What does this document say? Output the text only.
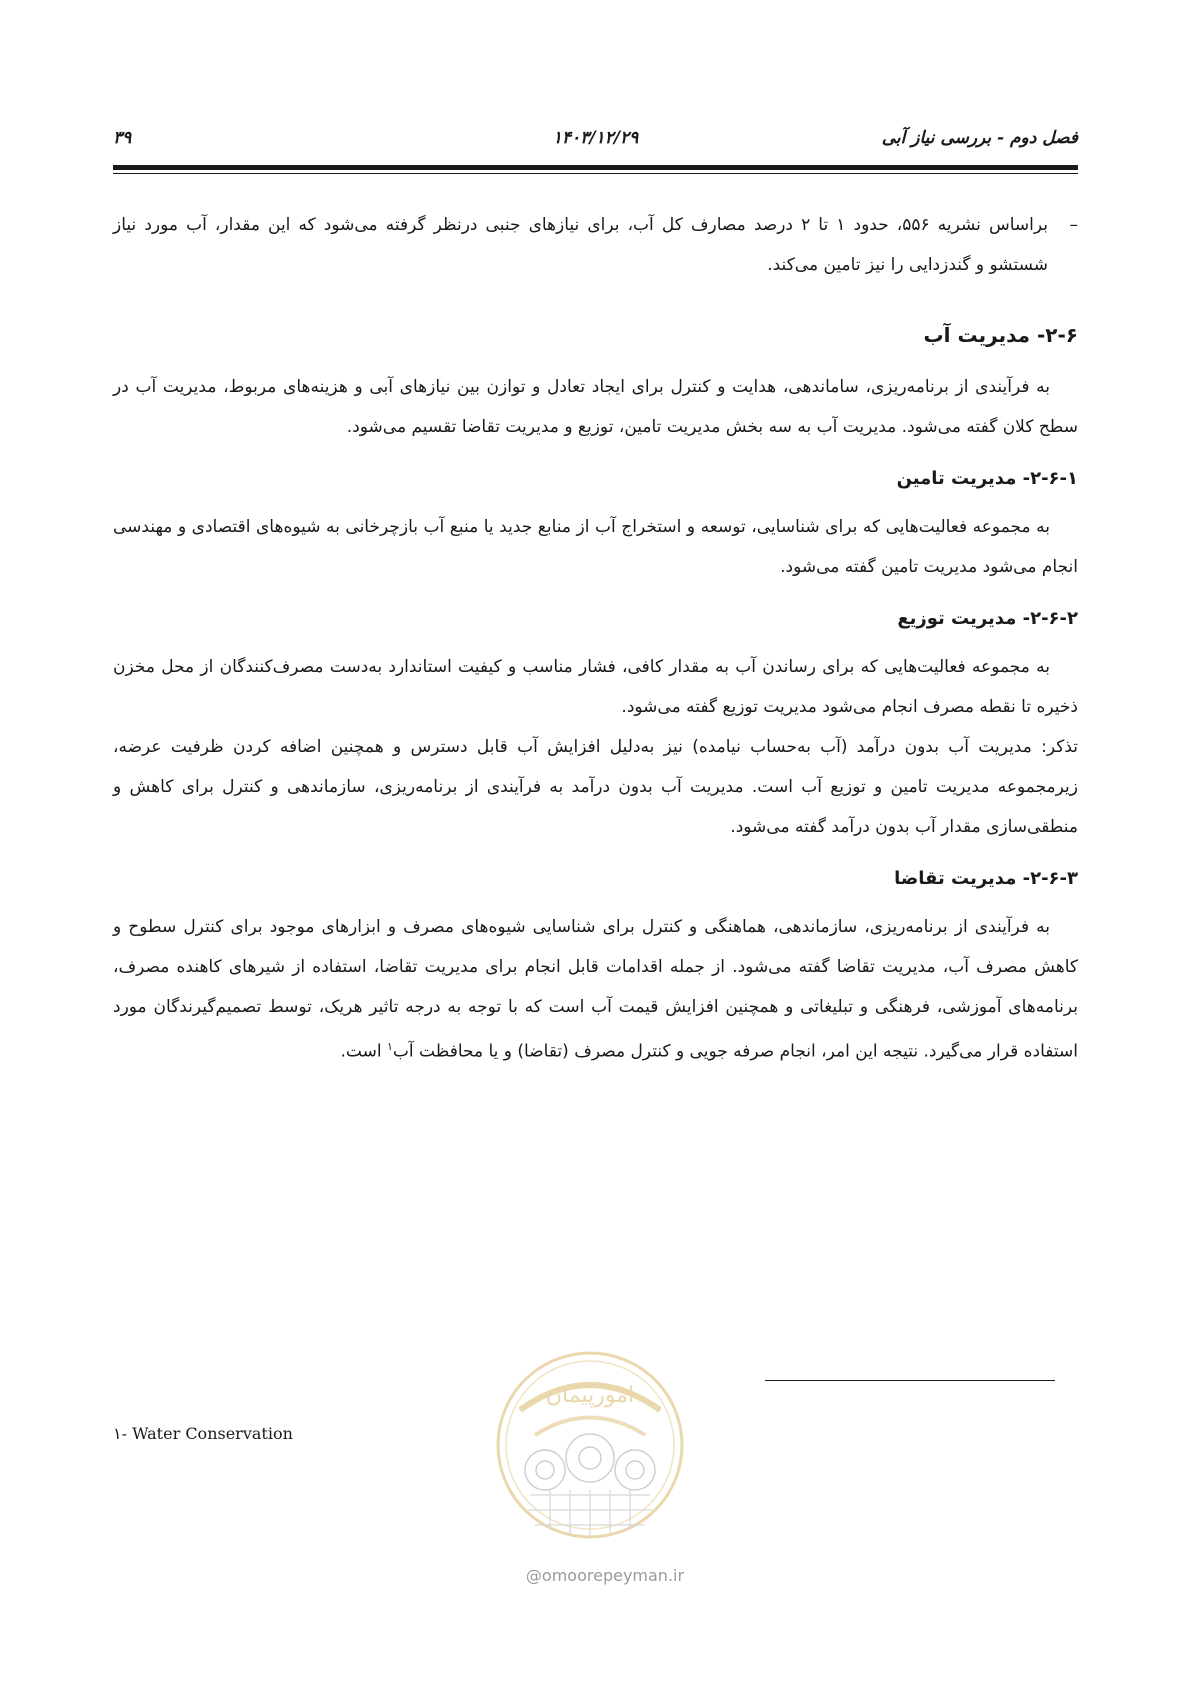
فصل دوم - بررسی نیاز آبی
۱۴۰۳/۱۲/۲۹
۳۹
–

براساس نشریه ۵۵۶، حدود ۱ تا ۲ درصد مصارف کل آب، برای نیازهای جنبی درنظر گرفته می‌شود که این مقدار، آب مورد نیاز شستشو و گندزدایی را نیز تامین می‌کند.

۲-۶- مدیریت آب

به فرآیندی از برنامه‌ریزی، ساماندهی، هدایت و کنترل برای ایجاد تعادل و توازن بین نیازهای آبی و هزینه‌های مربوط، مدیریت آب در سطح کلان گفته می‌شود. مدیریت آب به سه بخش مدیریت تامین، توزیع و مدیریت تقاضا تقسیم می‌شود.

۲-۶-۱- مدیریت تامین

به مجموعه فعالیت‌هایی که برای شناسایی، توسعه و استخراج آب از منابع جدید یا منبع آب بازچرخانی به شیوه‌های اقتصادی و مهندسی انجام می‌شود مدیریت تامین گفته می‌شود.

۲-۶-۲- مدیریت توزیع

به مجموعه فعالیت‌هایی که برای رساندن آب به مقدار کافی، فشار مناسب و کیفیت استاندارد به‌دست مصرف‌کنندگان از محل مخزن ذخیره تا نقطه مصرف انجام می‌شود مدیریت توزیع گفته می‌شود.

تذکر: مدیریت آب بدون درآمد (آب به‌حساب نیامده) نیز به‌دلیل افزایش آب قابل دسترس و همچنین اضافه کردن ظرفیت عرضه، زیرمجموعه مدیریت تامین و توزیع آب است. مدیریت آب بدون درآمد به فرآیندی از برنامه‌ریزی، سازماندهی و کنترل برای کاهش و منطقی‌سازی مقدار آب بدون درآمد گفته می‌شود.

۲-۶-۳- مدیریت تقاضا

به فرآیندی از برنامه‌ریزی، سازماندهی، هماهنگی و کنترل برای شناسایی شیوه‌های مصرف و ابزارهای موجود برای کنترل سطوح و کاهش مصرف آب، مدیریت تقاضا گفته می‌شود. از جمله اقدامات قابل انجام برای مدیریت تقاضا، استفاده از شیرهای کاهنده مصرف، برنامه‌های آموزشی، فرهنگی و تبلیغاتی و همچنین افزایش قیمت آب است که با توجه به درجه تاثیر هریک، توسط تصمیم‌گیرندگان مورد استفاده قرار می‌گیرد. نتیجه این امر، انجام صرفه جویی و کنترل مصرف (تقاضا) و یا محافظت آب$^۱$ است.

۱- Water Conservation
امورپیمان
@omoorepeyman.ir
